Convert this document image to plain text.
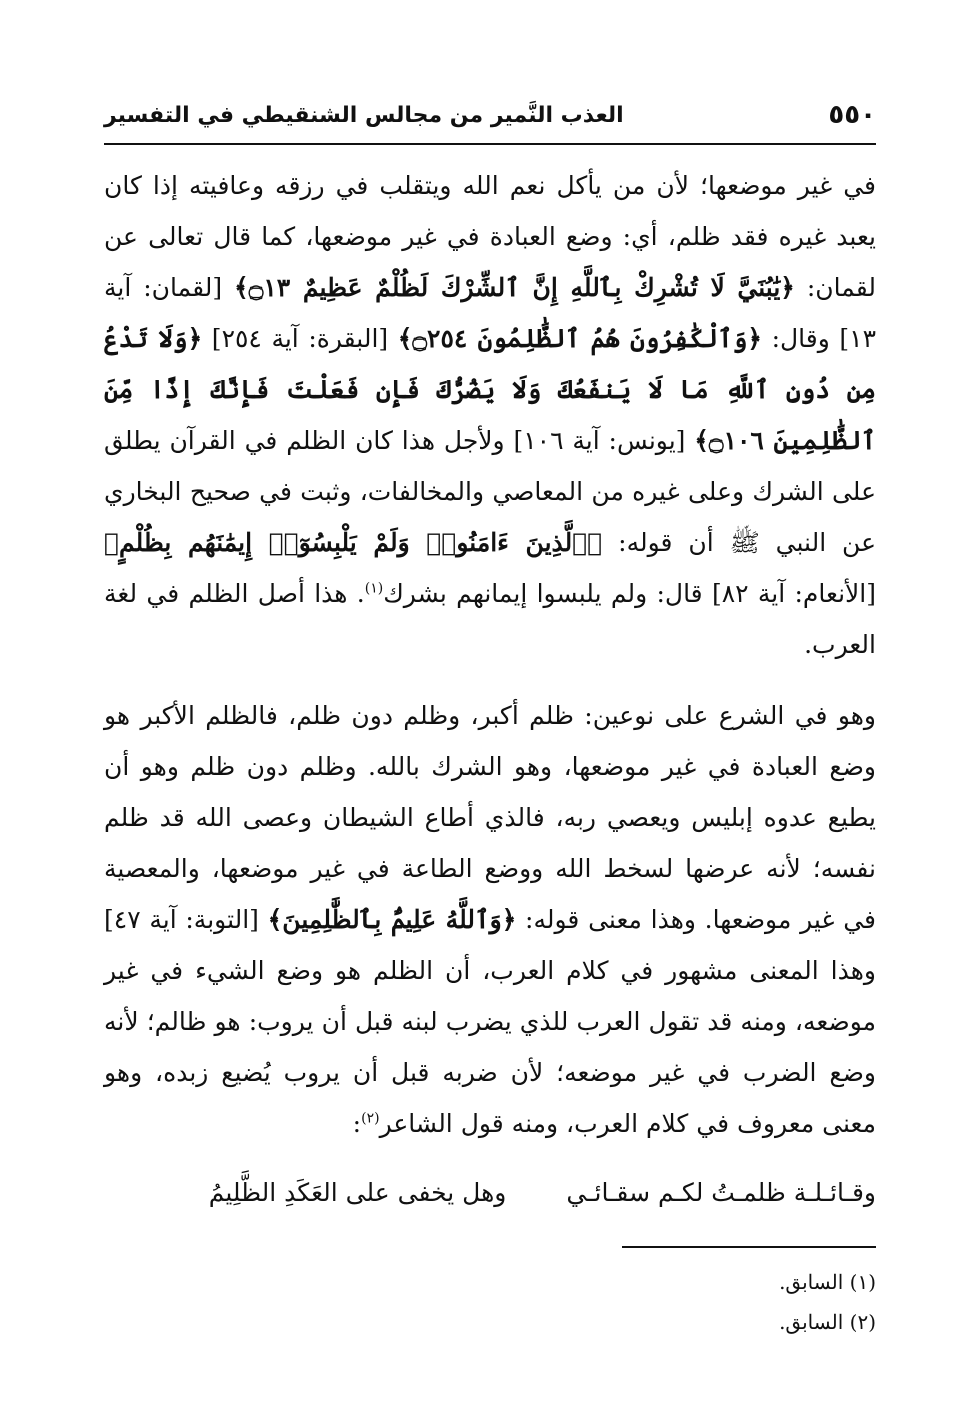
٥٥٠
العذب النَّمير من مجالس الشنقيطي في التفسير

في غير موضعها؛ لأن من يأكل نعم الله ويتقلب في رزقه وعافيته إذا كان يعبد غيره فقد ظلم، أي: وضع العبادة في غير موضعها، كما قال تعالى عن لقمان: ﴿يَٰبُنَيَّ لَا تُشْرِكْ بِٱللَّهِ إِنَّ ٱلشِّرْكَ لَظُلْمٌ عَظِيمٌ ۝١٣﴾ [لقمان: آية ١٣] وقال: ﴿وَٱلْكَٰفِرُونَ هُمُ ٱلظَّٰلِمُونَ ۝٢٥٤﴾ [البقرة: آية ٢٥٤] ﴿وَلَا تَدْعُ مِن دُونِ ٱللَّهِ مَا لَا يَنفَعُكَ وَلَا يَضُرُّكَ فَإِن فَعَلْتَ فَإِنَّكَ إِذًا مِّنَ ٱلظَّٰلِمِينَ ۝١٠٦﴾ [يونس: آية ١٠٦] ولأجل هذا كان الظلم في القرآن يطلق على الشرك وعلى غيره من المعاصي والمخالفات، وثبت في صحيح البخاري عن النبي ﷺ أن قوله: ﴿ٱلَّذِينَ ءَامَنُوا۟ وَلَمْ يَلْبِسُوٓا۟ إِيمَٰنَهُم بِظُلْمٍ﴾ [الأنعام: آية ٨٢] قال: ولم يلبسوا إيمانهم بشرك$^{(١)}$. هذا أصل الظلم في لغة العرب.

وهو في الشرع على نوعين: ظلم أكبر، وظلم دون ظلم، فالظلم الأكبر هو وضع العبادة في غير موضعها، وهو الشرك بالله. وظلم دون ظلم وهو أن يطيع عدوه إبليس ويعصي ربه، فالذي أطاع الشيطان وعصى الله قد ظلم نفسه؛ لأنه عرضها لسخط الله ووضع الطاعة في غير موضعها، والمعصية في غير موضعها. وهذا معنى قوله: ﴿وَٱللَّهُ عَلِيمٌۢ بِٱلظَّٰلِمِينَ﴾ [التوبة: آية ٤٧] وهذا المعنى مشهور في كلام العرب، أن الظلم هو وضع الشيء في غير موضعه، ومنه قد تقول العرب للذي يضرب لبنه قبل أن يروب: هو ظالم؛ لأنه وضع الضرب في غير موضعه؛ لأن ضربه قبل أن يروب يُضيع زبده، وهو معنى معروف في كلام العرب، ومنه قول الشاعر$^{(٢)}$:

وقـائـلـة ظلمـتُ لكـم سقـائـي
وهل يخفى على العَكَدِ الظَّلِيمُ
(١) السابق.
(٢) السابق.
